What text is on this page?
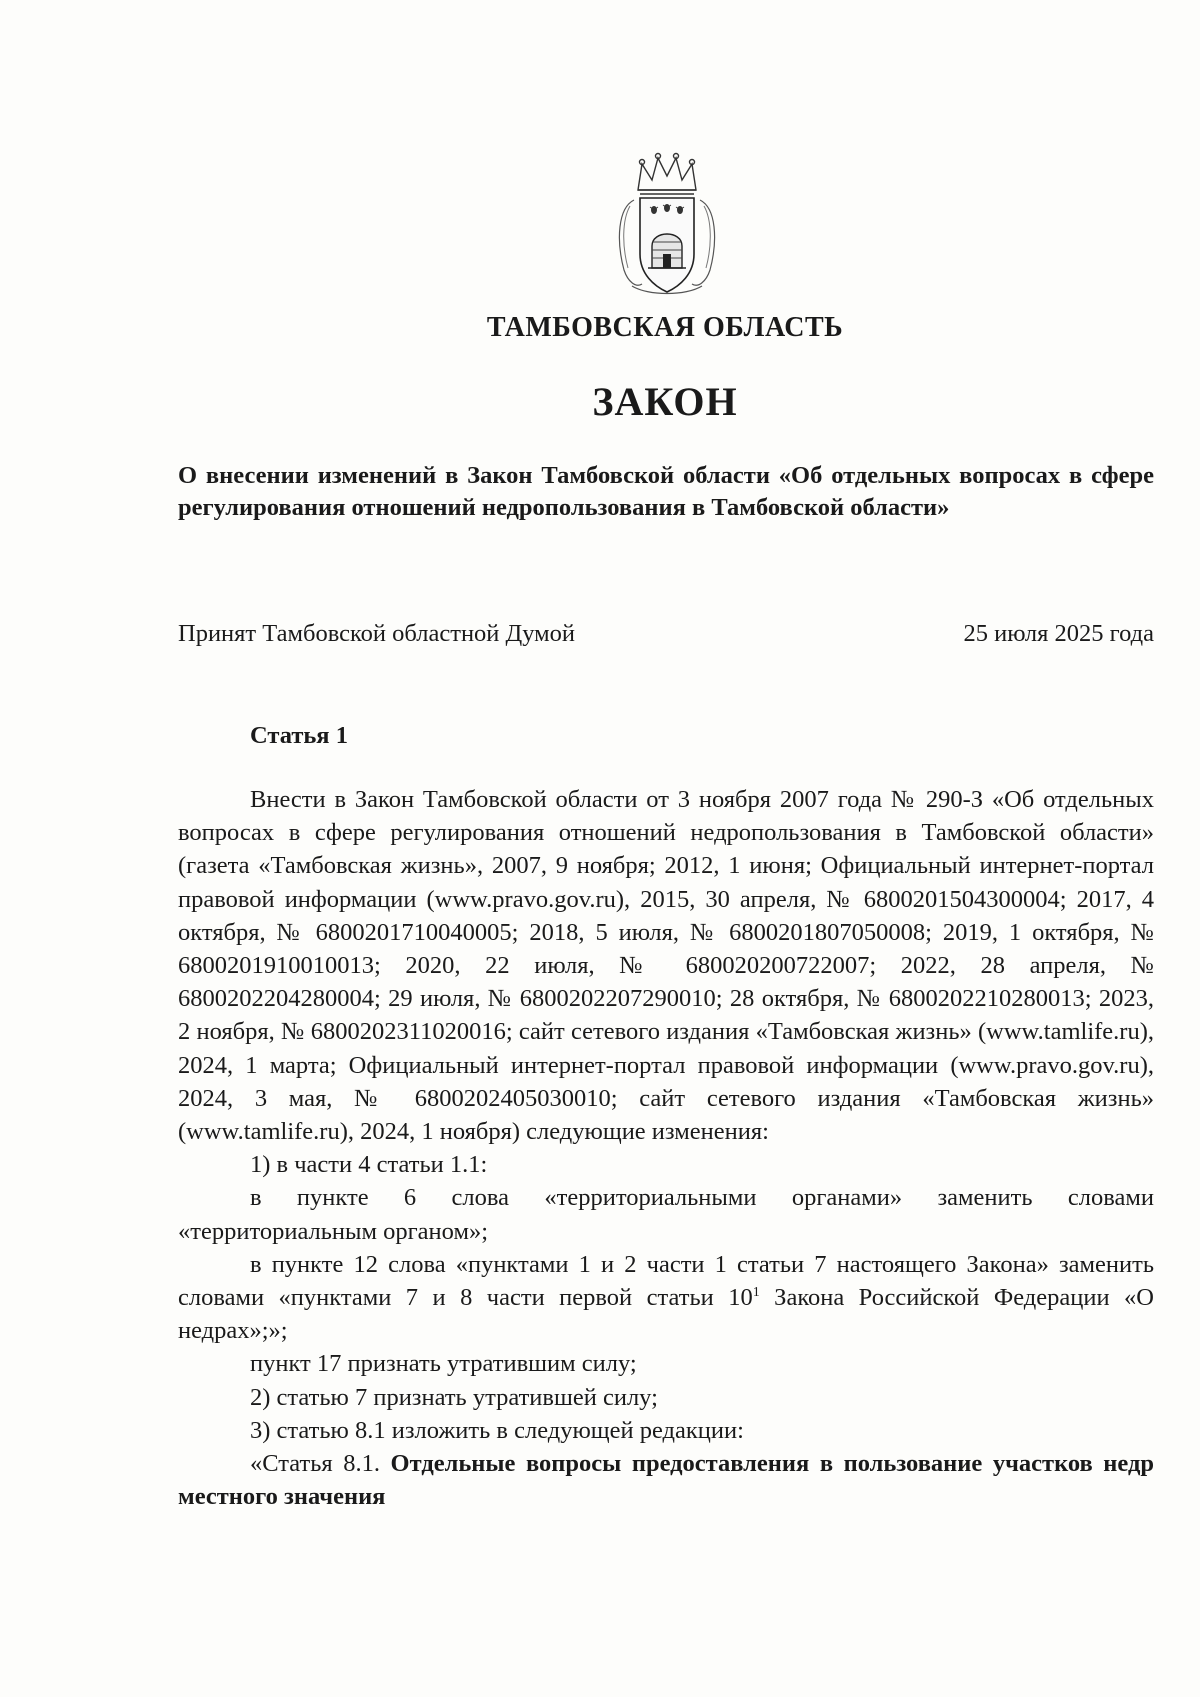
ТАМБОВСКАЯ ОБЛАСТЬ
ЗАКОН
О внесении изменений в Закон Тамбовской области «Об отдельных вопросах в сфере регулирования отношений недропользования в Тамбовской области»
Принят Тамбовской областной Думой	25 июля 2025 года
Статья 1

Внести в Закон Тамбовской области от 3 ноября 2007 года № 290-З «Об отдельных вопросах в сфере регулирования отношений недропользования в Тамбовской области» (газета «Тамбовская жизнь», 2007, 9 ноября; 2012, 1 июня; Официальный интернет-портал правовой информации (www.pravo.gov.ru), 2015, 30 апреля, № 6800201504300004; 2017, 4 октября, № 6800201710040005; 2018, 5 июля, № 6800201807050008; 2019, 1 октября, № 6800201910010013; 2020, 22 июля, № 680020200722007; 2022, 28 апреля, № 6800202204280004; 29 июля, № 6800202207290010; 28 октября, № 6800202210280013; 2023, 2 ноября, № 6800202311020016; сайт сетевого издания «Тамбовская жизнь» (www.tamlife.ru), 2024, 1 марта; Официальный интернет-портал правовой информации (www.pravo.gov.ru), 2024, 3 мая, № 6800202405030010; сайт сетевого издания «Тамбовская жизнь» (www.tamlife.ru), 2024, 1 ноября) следующие изменения:

1) в части 4 статьи 1.1:

в пункте 6 слова «территориальными органами» заменить словами «территориальным органом»;

в пункте 12 слова «пунктами 1 и 2 части 1 статьи 7 настоящего Закона» заменить словами «пунктами 7 и 8 части первой статьи $10^1$ Закона Российской Федерации «О недрах»;»;

пункт 17 признать утратившим силу;

2) статью 7 признать утратившей силу;

3) статью 8.1 изложить в следующей редакции:

«Статья 8.1. Отдельные вопросы предоставления в пользование участков недр местного значения
